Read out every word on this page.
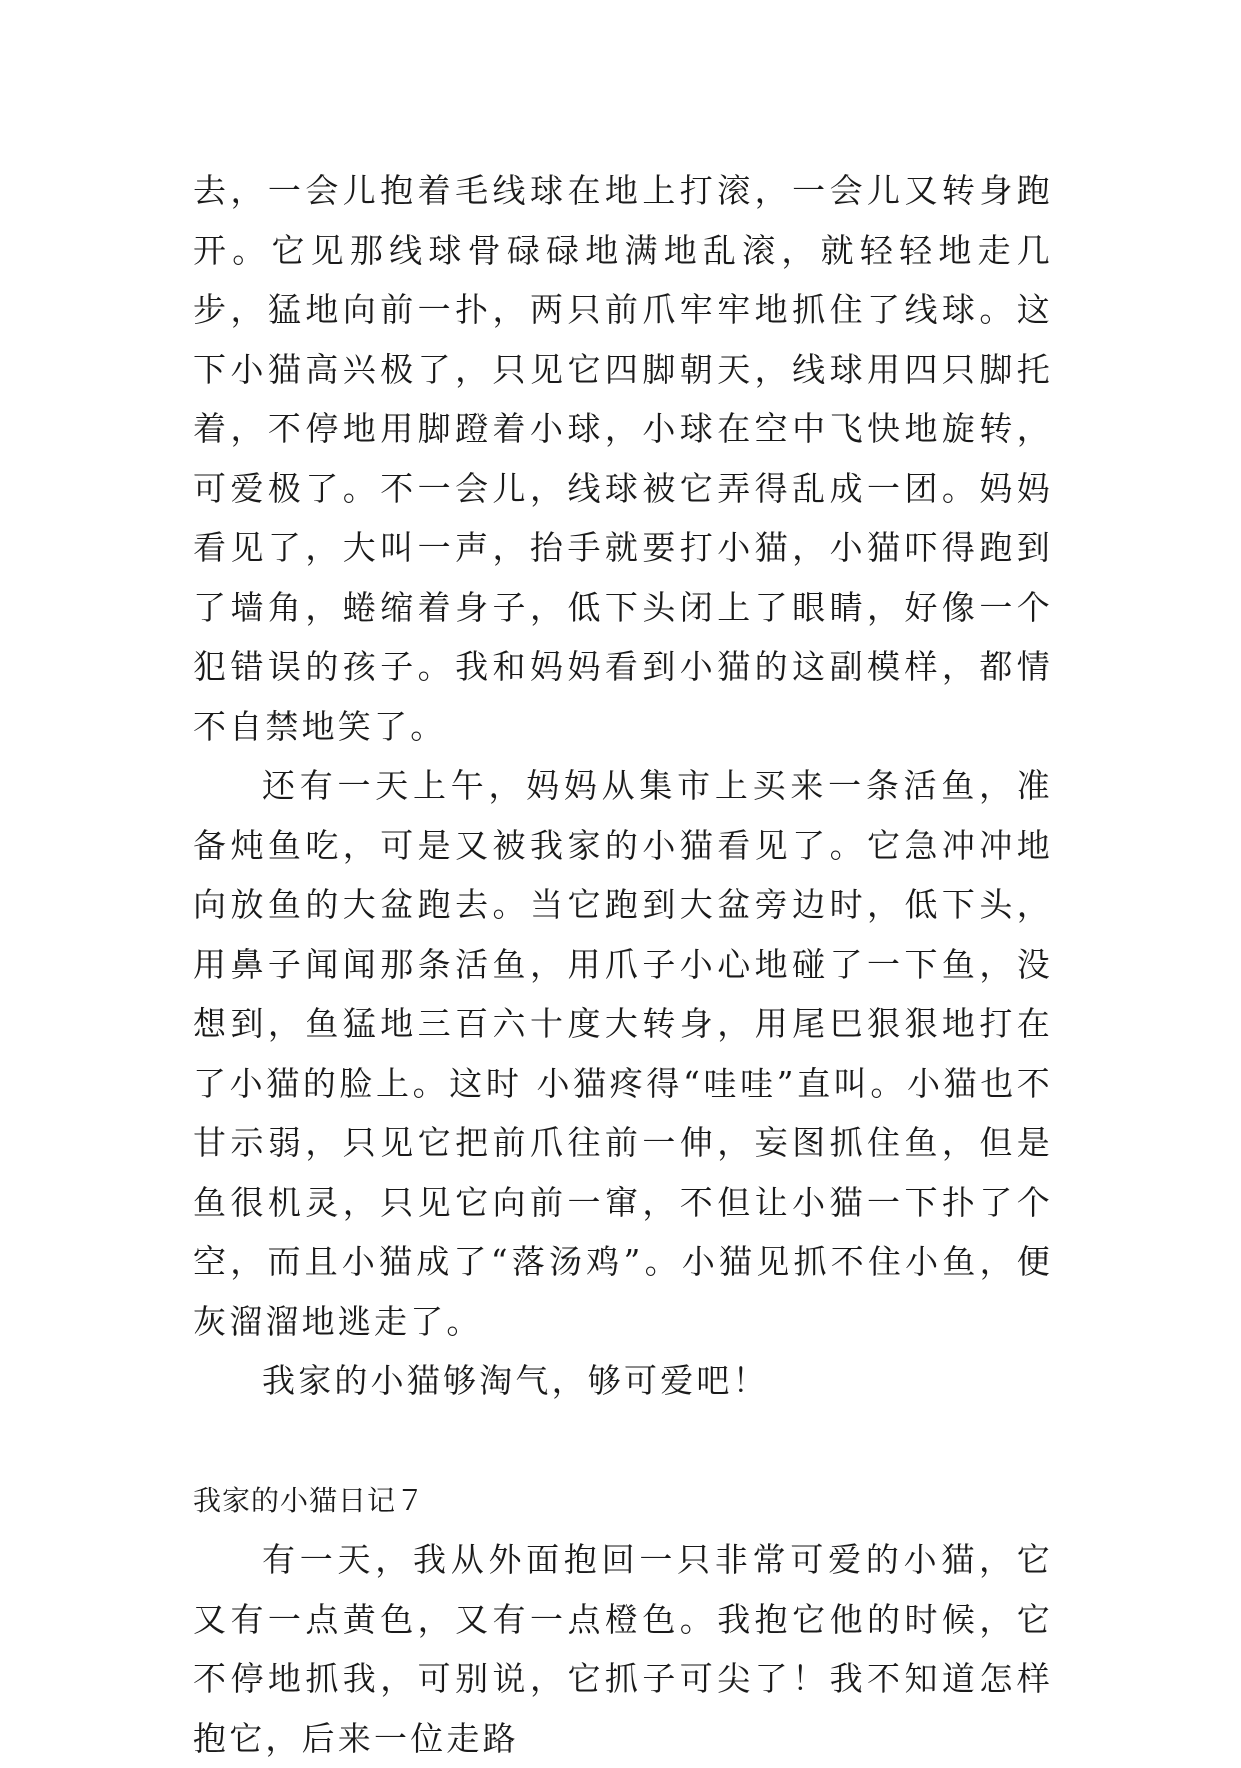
去，一会儿抱着毛线球在地上打滚，一会儿又转身跑开。它见那线球骨碌碌地满地乱滚，就轻轻地走几步，猛地向前一扑，两只前爪牢牢地抓住了线球。这下小猫高兴极了，只见它四脚朝天，线球用四只脚托着，不停地用脚蹬着小球，小球在空中飞快地旋转，可爱极了。不一会儿，线球被它弄得乱成一团。妈妈看见了，大叫一声，抬手就要打小猫，小猫吓得跑到了墙角，蜷缩着身子，低下头闭上了眼睛，好像一个犯错误的孩子。我和妈妈看到小猫的这副模样，都情不自禁地笑了。

还有一天上午，妈妈从集市上买来一条活鱼，准备炖鱼吃，可是又被我家的小猫看见了。它急冲冲地向放鱼的大盆跑去。当它跑到大盆旁边时，低下头，用鼻子闻闻那条活鱼，用爪子小心地碰了一下鱼，没想到，鱼猛地三百六十度大转身，用尾巴狠狠地打在了小猫的脸上。这时 小猫疼得“哇哇”直叫。小猫也不甘示弱，只见它把前爪往前一伸，妄图抓住鱼，但是鱼很机灵，只见它向前一窜，不但让小猫一下扑了个空，而且小猫成了“落汤鸡”。小猫见抓不住小鱼，便灰溜溜地逃走了。

我家的小猫够淘气，够可爱吧！

我家的小猫日记７

有一天，我从外面抱回一只非常可爱的小猫，它又有一点黄色，又有一点橙色。我抱它他的时候，它不停地抓我，可别说，它抓子可尖了！我不知道怎样抱它，后来一位走路
